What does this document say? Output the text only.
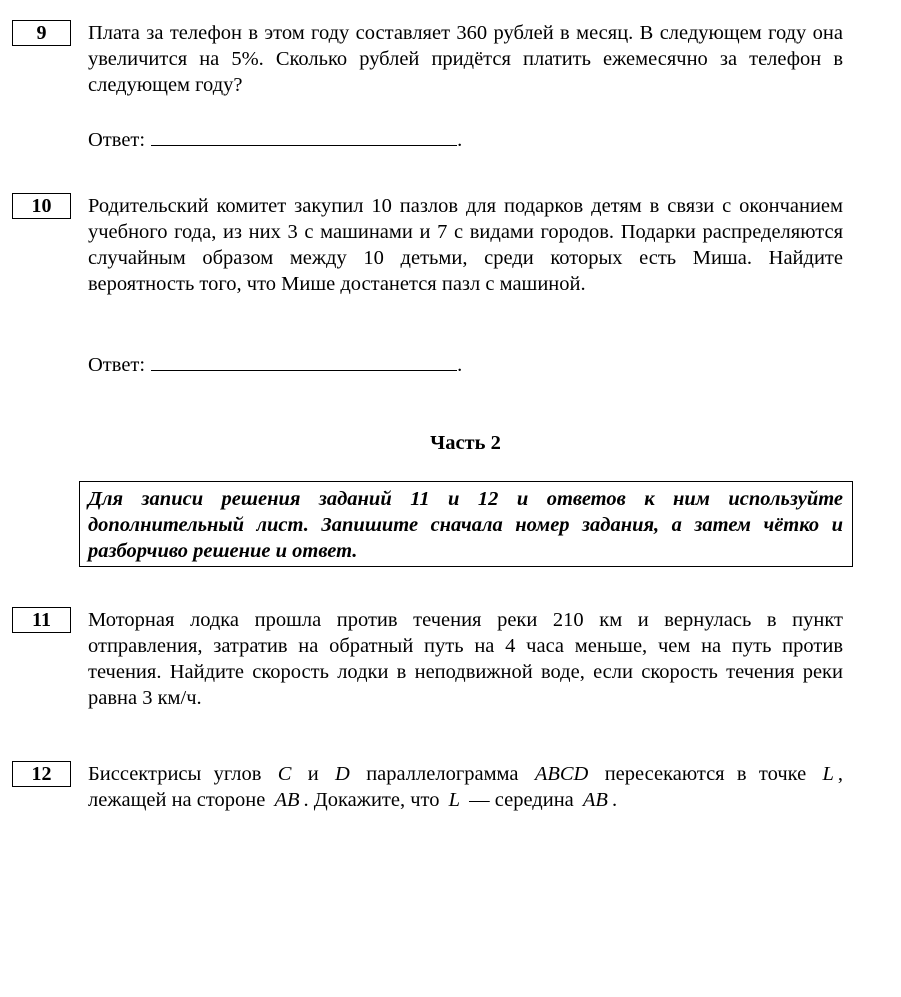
9	Плата за телефон в этом году составляет 360 рублей в месяц. В следующем году она увеличится на 5%. Сколько рублей придётся платить ежемесячно за телефон в следующем году?

Ответ:	.
10	Родительский комитет закупил 10 пазлов для подарков детям в связи с окончанием учебного года, из них 3 с машинами и 7 с видами городов. Подарки распределяются случайным образом между 10 детьми, среди которых есть Миша. Найдите вероятность того, что Мише достанется пазл с машиной.

Ответ:	.
Часть 2
Для записи решения заданий 11 и 12 и ответов к ним используйте дополнительный лист. Запишите сначала номер задания, а затем чётко и разборчиво решение и ответ.
11	Моторная лодка прошла против течения реки 210 км и вернулась в пункт отправления, затратив на обратный путь на 4 часа меньше, чем на путь против течения. Найдите скорость лодки в неподвижной воде, если скорость течения реки равна 3 км/ч.

12	Биссектрисы углов C и D параллелограмма ABCD пересекаются в точке L , лежащей на стороне AB . Докажите, что L — середина AB .
